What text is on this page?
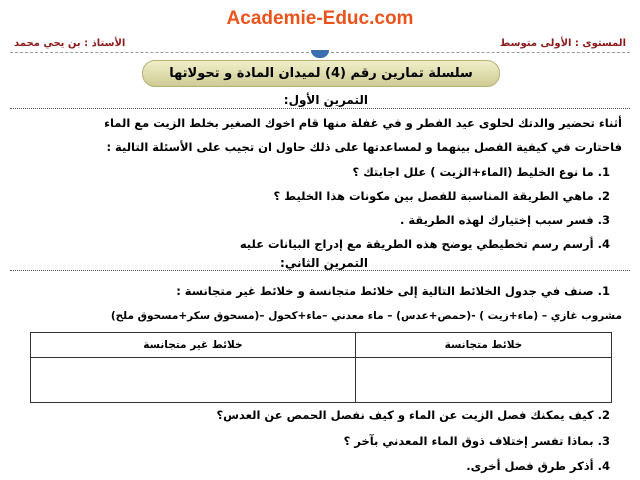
Academie-Educ.com
المستوى : الأولى متوسط
الأستاذ : بن يحي محمد
سلسلة تمارين رقم (4) لميدان المادة و تحولاتها
التمرين الأول:
أثناء تحضير والدتك لحلوى عيد الفطر و في غفلة منها قام اخوك الصغير بخلط الزيت مع الماء
فاحتارت في كيفية الفصل بينهما و لمساعدتها على ذلك حاول ان تجيب على الأسئلة التالية :
1. ما نوع الخليط (الماء+الزيت ) علل اجابتك ؟
2. ماهي الطريقة المناسبة للفصل بين مكونات هذا الخليط ؟
3. فسر سبب إختيارك لهذه الطريقة .
4. أرسم رسم تخطيطي يوضح هذه الطريقة مع إدراج البيانات عليه
التمرين الثاني:
1. صنف في جدول الخلائط التالية إلى خلائط متجانسة و خلائط غير متجانسة :
مشروب غازي – (ماء+زيت ) -(حمص+عدس) – ماء معدني –ماء+كحول –(مسحوق سكر+مسحوق ملح)
خلائط متجانسة	خلائط غير متجانسة

2. كيف يمكنك فصل الزيت عن الماء و كيف نفصل الحمص عن العدس؟
3. بماذا تفسر إختلاف ذوق الماء المعدني بآخر ؟
4. أذكر طرق فصل أخرى.
